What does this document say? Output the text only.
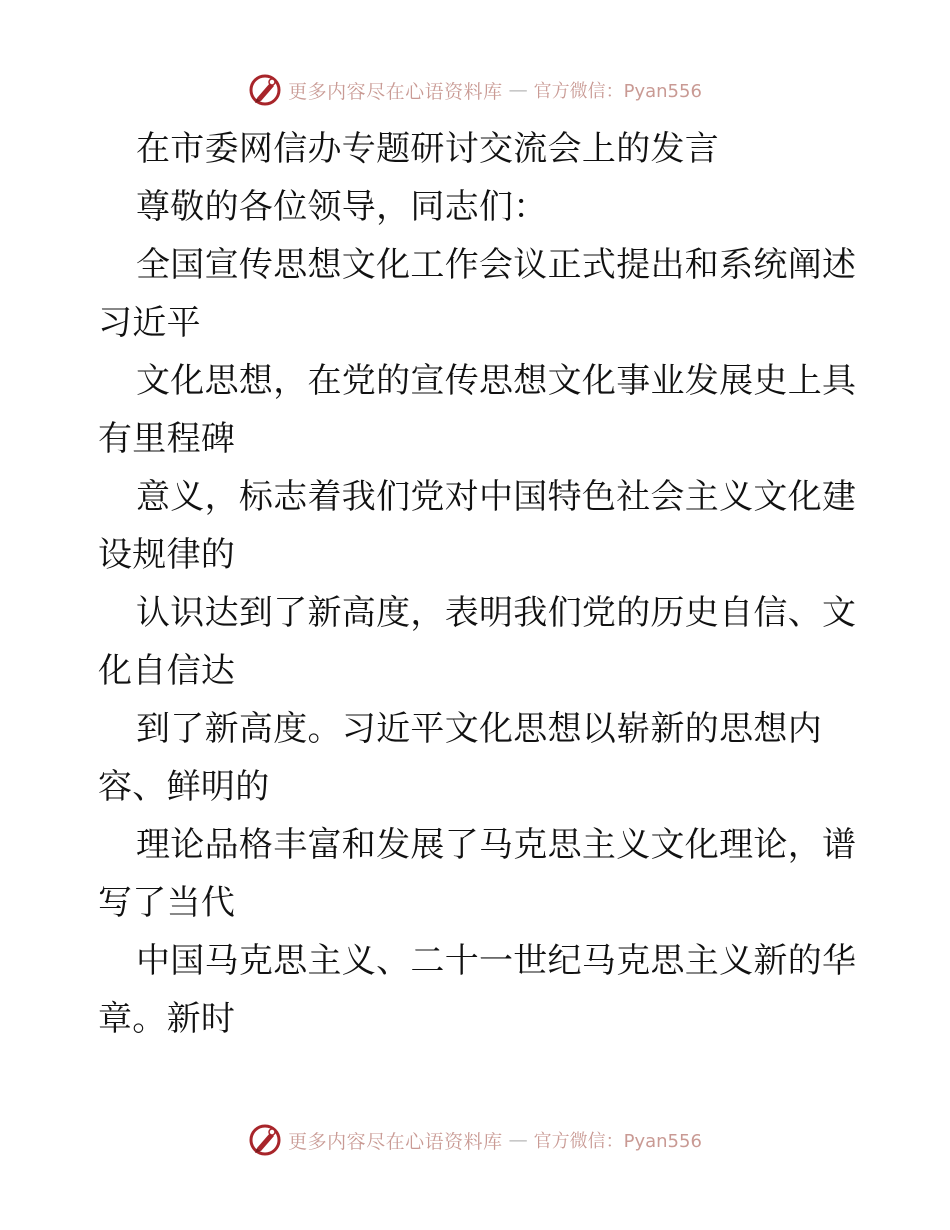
更多内容尽在心语资料库 — 官方微信：Pyan556
在市委网信办专题研讨交流会上的发言
尊敬的各位领导，同志们：
全国宣传思想文化工作会议正式提出和系统阐述
习近平
文化思想，在党的宣传思想文化事业发展史上具
有里程碑
意义，标志着我们党对中国特色社会主义文化建
设规律的
认识达到了新高度，表明我们党的历史自信、文
化自信达
到了新高度。习近平文化思想以崭新的思想内
容、鲜明的
理论品格丰富和发展了马克思主义文化理论，谱
写了当代
中国马克思主义、二十一世纪马克思主义新的华
章。新时
更多内容尽在心语资料库 — 官方微信：Pyan556
